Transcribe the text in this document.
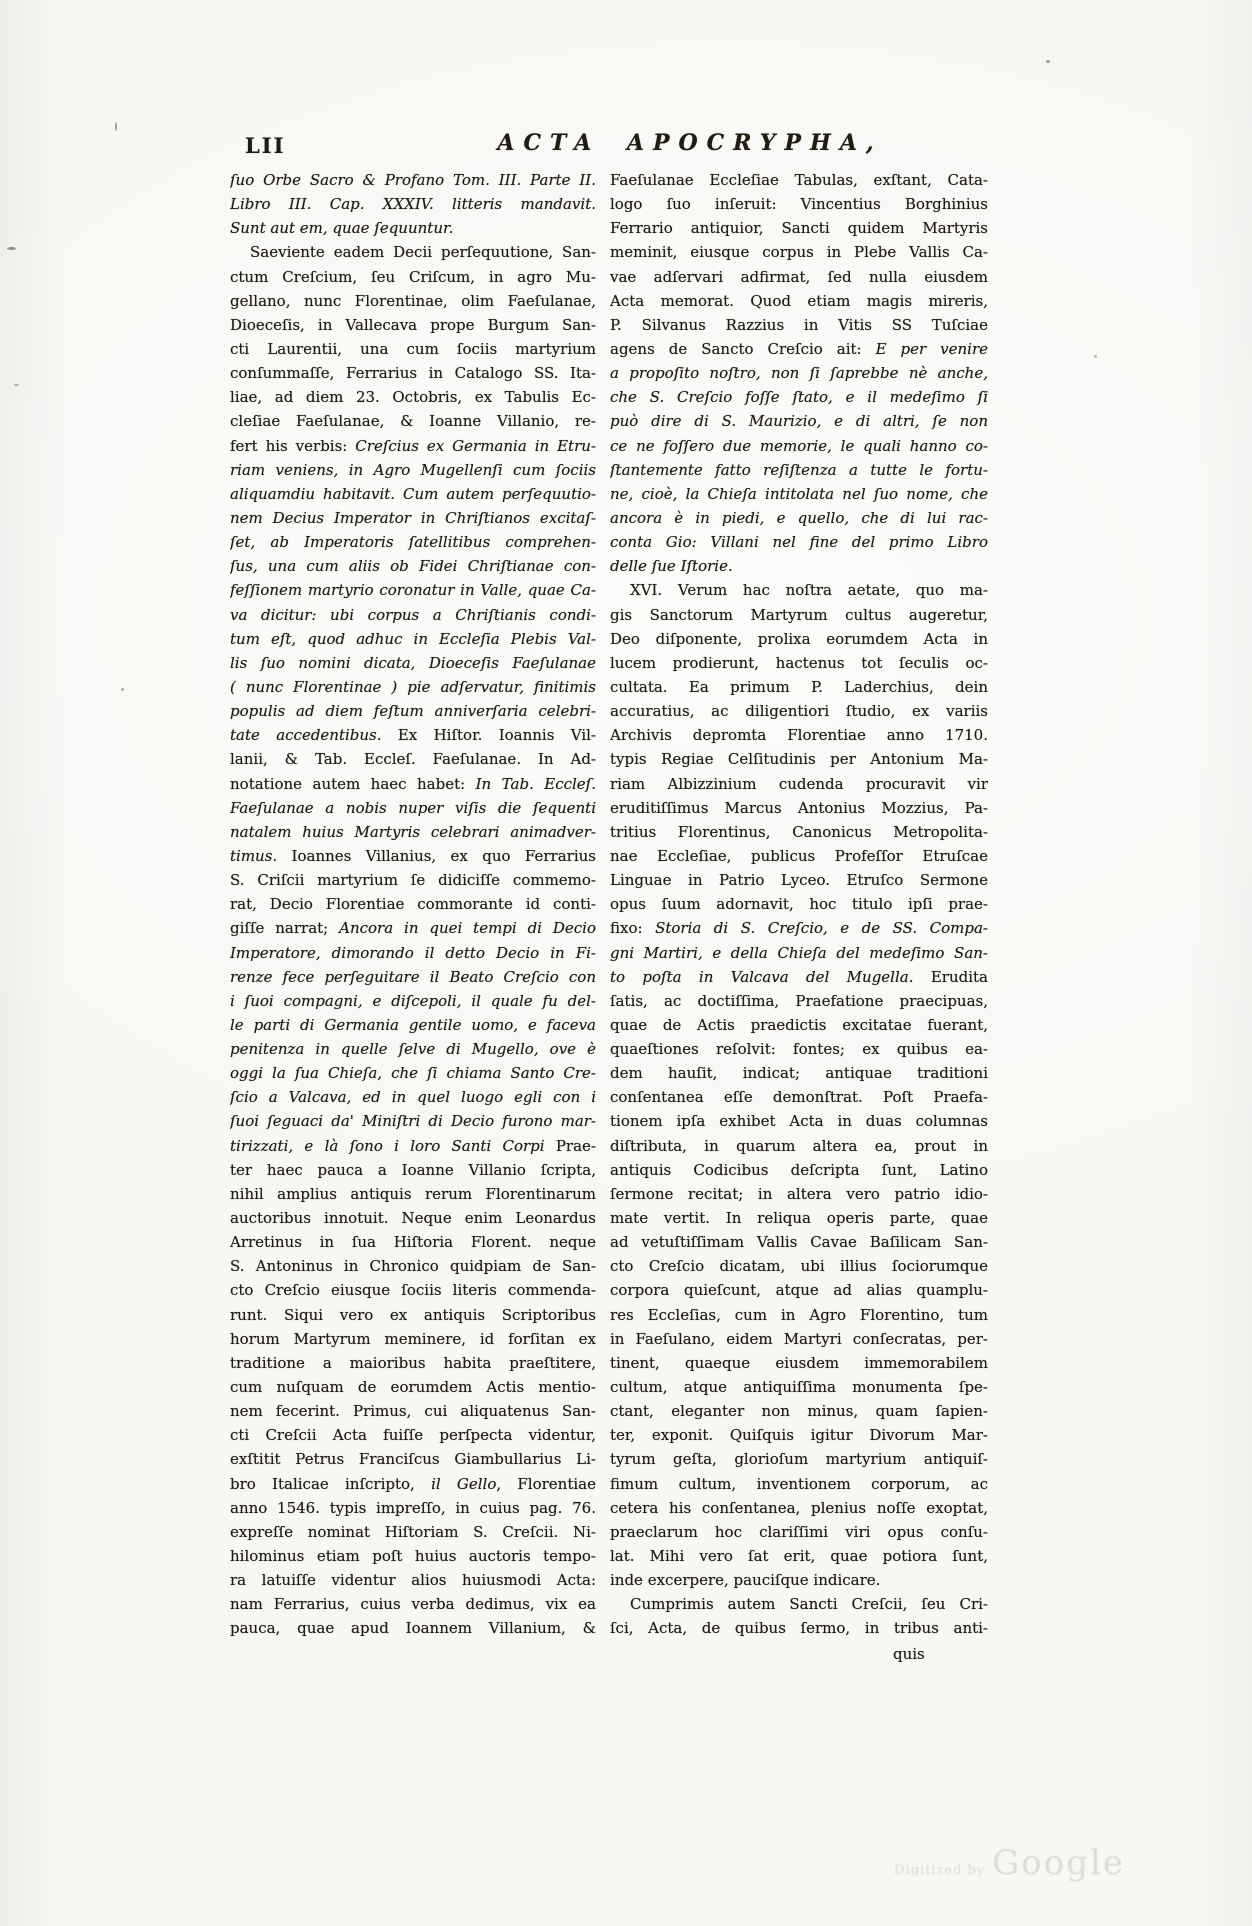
LII	ACTA APOCRYPHA,
ſuo Orbe Sacro & Profano Tom. III. Parte II.
Libro III. Cap. XXXIV. litteris mandavit.
Sunt aut em, quae ſequuntur.
Saeviente eadem Decii perſequutione, San-
ctum Creſcium, ſeu Criſcum, in agro Mu-
gellano, nunc Florentinae, olim Faeſulanae,
Dioeceſis, in Vallecava prope Burgum San-
cti Laurentii, una cum ſociis martyrium
conſummaſſe, Ferrarius in Catalogo SS. Ita-
liae, ad diem 23. Octobris, ex Tabulis Ec-
cleſiae Faeſulanae, & Ioanne Villanio, re-
fert his verbis: Creſcius ex Germania in Etru-
riam veniens, in Agro Mugellenſi cum ſociis
aliquamdiu habitavit. Cum autem perſequutio-
nem Decius Imperator in Chriſtianos excitaſ-
ſet, ab Imperatoris ſatellitibus comprehen-
ſus, una cum aliis ob Fidei Chriſtianae con-
feſſionem martyrio coronatur in Valle, quae Ca-
va dicitur: ubi corpus a Chriſtianis condi-
tum eſt, quod adhuc in Eccleſia Plebis Val-
lis ſuo nomini dicata, Dioeceſis Faeſulanae
( nunc Florentinae ) pie adſervatur, finitimis
populis ad diem feſtum anniverſaria celebri-
tate accedentibus. Ex Hiſtor. Ioannis Vil-
lanii, & Tab. Eccleſ. Faeſulanae. In Ad-
notatione autem haec habet: In Tab. Eccleſ.
Faeſulanae a nobis nuper viſis die ſequenti
natalem huius Martyris celebrari animadver-
timus. Ioannes Villanius, ex quo Ferrarius
S. Criſcii martyrium ſe didiciſſe commemo-
rat, Decio Florentiae commorante id conti-
giſſe narrat; Ancora in quei tempi di Decio
Imperatore, dimorando il detto Decio in Fi-
renze fece perſeguitare il Beato Creſcio con
i ſuoi compagni, e diſcepoli, il quale fu del-
le parti di Germania gentile uomo, e faceva
penitenza in quelle ſelve di Mugello, ove è
oggi la ſua Chieſa, che ſi chiama Santo Cre-
ſcio a Valcava, ed in quel luogo egli con i
ſuoi ſeguaci da' Miniſtri di Decio furono mar-
tirizzati, e là ſono i loro Santi Corpi Prae-
ter haec pauca a Ioanne Villanio ſcripta,
nihil amplius antiquis rerum Florentinarum
auctoribus innotuit. Neque enim Leonardus
Arretinus in ſua Hiſtoria Florent. neque
S. Antoninus in Chronico quidpiam de San-
cto Creſcio eiusque ſociis literis commenda-
runt. Siqui vero ex antiquis Scriptoribus
horum Martyrum meminere, id forſitan ex
traditione a maioribus habita praeſtitere,
cum nuſquam de eorumdem Actis mentio-
nem fecerint. Primus, cui aliquatenus San-
cti Creſcii Acta fuiſſe perſpecta videntur,
exſtitit Petrus Franciſcus Giambullarius Li-
bro Italicae inſcripto, il Gello, Florentiae
anno 1546. typis impreſſo, in cuius pag. 76.
expreſſe nominat Hiſtoriam S. Creſcii. Ni-
hilominus etiam poſt huius auctoris tempo-
ra latuiſſe videntur alios huiusmodi Acta:
nam Ferrarius, cuius verba dedimus, vix ea
pauca, quae apud Ioannem Villanium, &
Faeſulanae Eccleſiae Tabulas, exſtant, Cata-
logo ſuo inſeruit: Vincentius Borghinius
Ferrario antiquior, Sancti quidem Martyris
meminit, eiusque corpus in Plebe Vallis Ca-
vae adſervari adfirmat, ſed nulla eiusdem
Acta memorat. Quod etiam magis mireris,
P. Silvanus Razzius in Vitis SS Tuſciae
agens de Sancto Creſcio ait: E per venire
a propoſito noſtro, non ſi ſaprebbe nè anche,
che S. Creſcio foſſe ſtato, e il medeſimo ſi
può dire di S. Maurizio, e di altri, ſe non
ce ne foſſero due memorie, le quali hanno co-
ſtantemente fatto reſiſtenza a tutte le fortu-
ne, cioè, la Chieſa intitolata nel ſuo nome, che
ancora è in piedi, e quello, che di lui rac-
conta Gio: Villani nel fine del primo Libro
delle ſue Iſtorie.
XVI. Verum hac noſtra aetate, quo ma-
gis Sanctorum Martyrum cultus augeretur,
Deo diſponente, prolixa eorumdem Acta in
lucem prodierunt, hactenus tot ſeculis oc-
cultata. Ea primum P. Laderchius, dein
accuratius, ac diligentiori ſtudio, ex variis
Archivis depromta Florentiae anno 1710.
typis Regiae Celſitudinis per Antonium Ma-
riam Albizzinium cudenda procuravit vir
eruditiſſimus Marcus Antonius Mozzius, Pa-
tritius Florentinus, Canonicus Metropolita-
nae Eccleſiae, publicus Profeſſor Etruſcae
Linguae in Patrio Lyceo. Etruſco Sermone
opus ſuum adornavit, hoc titulo ipſi prae-
fixo: Storia di S. Creſcio, e de SS. Compa-
gni Martiri, e della Chieſa del medeſimo San-
to poſta in Valcava del Mugella. Erudita
ſatis, ac doctiſſima, Praefatione praecipuas,
quae de Actis praedictis excitatae fuerant,
quaeſtiones reſolvit: fontes; ex quibus ea-
dem hauſit, indicat; antiquae traditioni
conſentanea eſſe demonſtrat. Poſt Praefa-
tionem ipſa exhibet Acta in duas columnas
diſtributa, in quarum altera ea, prout in
antiquis Codicibus deſcripta ſunt, Latino
ſermone recitat; in altera vero patrio idio-
mate vertit. In reliqua operis parte, quae
ad vetuſtiſſimam Vallis Cavae Baſilicam San-
cto Creſcio dicatam, ubi illius ſociorumque
corpora quieſcunt, atque ad alias quamplu-
res Eccleſias, cum in Agro Florentino, tum
in Faeſulano, eidem Martyri conſecratas, per-
tinent, quaeque eiusdem immemorabilem
cultum, atque antiquiſſima monumenta ſpe-
ctant, eleganter non minus, quam ſapien-
ter, exponit. Quiſquis igitur Divorum Mar-
tyrum geſta, glorioſum martyrium antiquiſ-
fimum cultum, inventionem corporum, ac
cetera his conſentanea, plenius noſſe exoptat,
praeclarum hoc clariſſimi viri opus conſu-
lat. Mihi vero ſat erit, quae potiora ſunt,
inde excerpere, pauciſque indicare.
Cumprimis autem Sancti Creſcii, ſeu Cri-
ſci, Acta, de quibus ſermo, in tribus anti-
quis
Digitized by Google
